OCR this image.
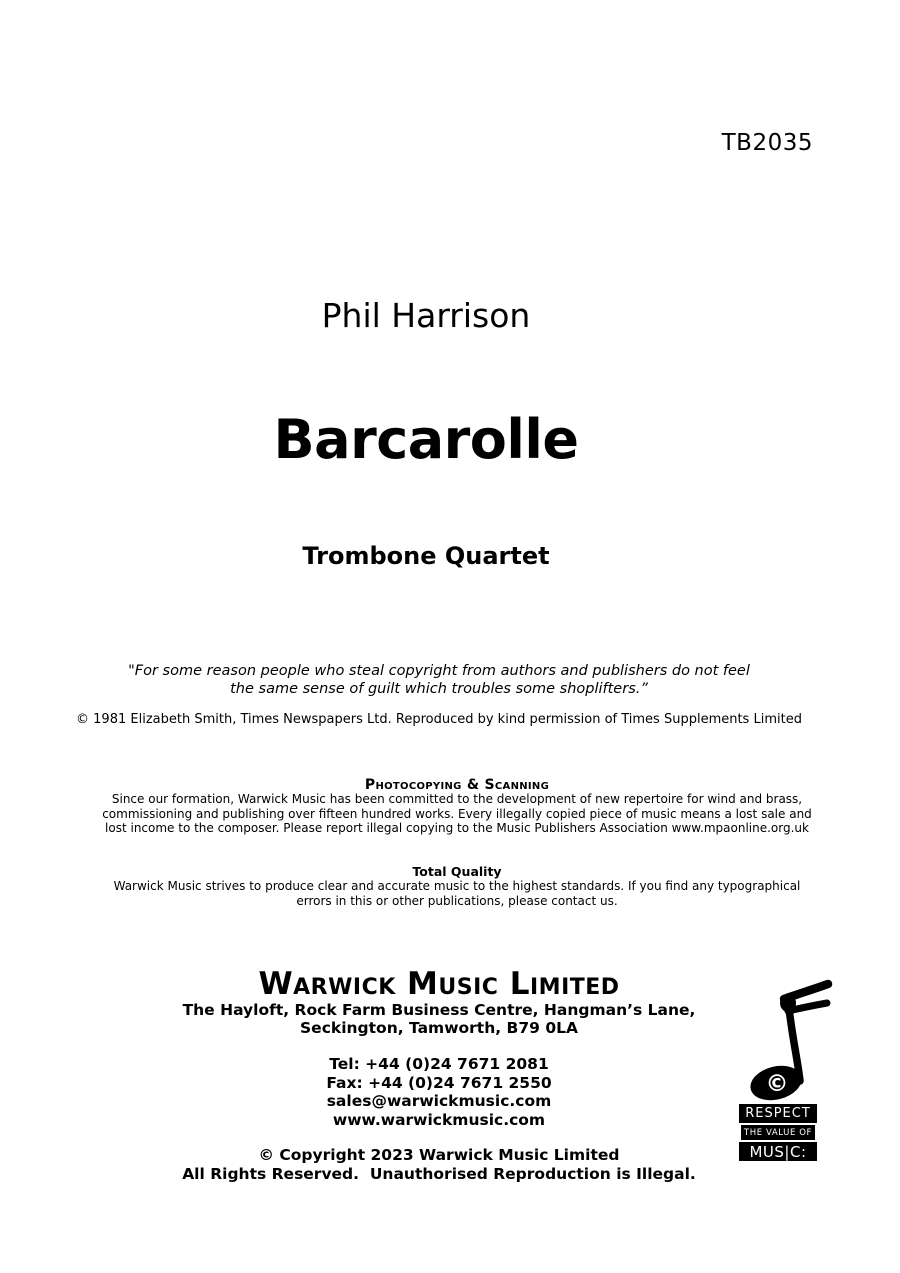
TB2035
Phil Harrison
Barcarolle
Trombone Quartet
"For some reason people who steal copyright from authors and publishers do not feel
the same sense of guilt which troubles some shoplifters.”
© 1981 Elizabeth Smith, Times Newspapers Ltd. Reproduced by kind permission of Times Supplements Limited
Photocopying & Scanning
Since our formation, Warwick Music has been committed to the development of new repertoire for wind and brass,
commissioning and publishing over fifteen hundred works. Every illegally copied piece of music means a lost sale and
lost income to the composer. Please report illegal copying to the Music Publishers Association www.mpaonline.org.uk
Total Quality
Warwick Music strives to produce clear and accurate music to the highest standards. If you find any typographical
errors in this or other publications, please contact us.
Warwick Music Limited
The Hayloft, Rock Farm Business Centre, Hangman’s Lane,
Seckington, Tamworth, B79 0LA
Tel: +44 (0)24 7671 2081
Fax: +44 (0)24 7671 2550
sales@warwickmusic.com
www.warwickmusic.com
© Copyright 2023 Warwick Music Limited
All Rights Reserved.  Unauthorised Reproduction is Illegal.
©
RESPECT
THE VALUE OF
MUS|C:
